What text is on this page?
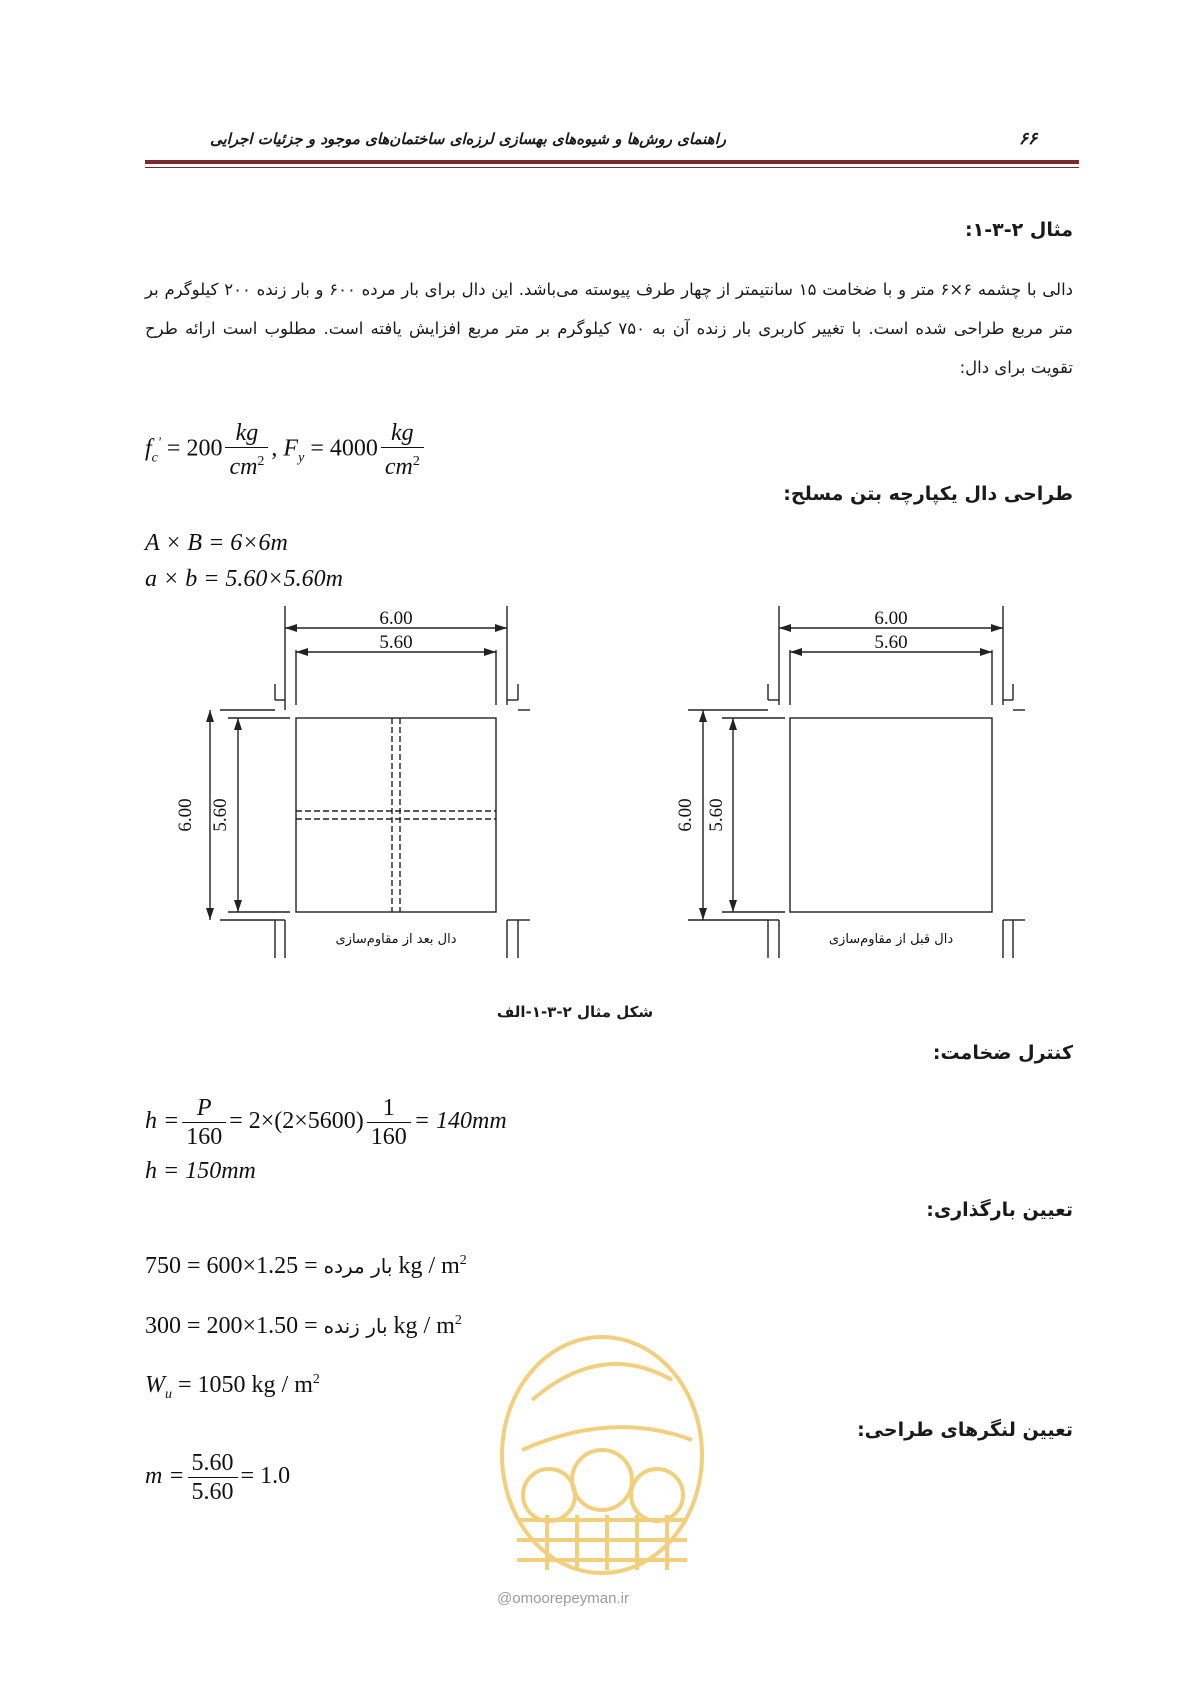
راهنمای روش‌ها و شیوه‌های بهسازی لرزه‌ای ساختمان‌های موجود و جزئیات اجرایی	۶۶
مثال ۲-۳-۱:
دالی با چشمه ۶×۶ متر و با ضخامت ۱۵ سانتیمتر از چهار طرف پیوسته می‌باشد. این دال برای بار مرده ۶۰۰ و بار زنده ۲۰۰ کیلوگرم بر متر مربع طراحی شده است. با تغییر کاربری بار زنده آن به ۷۵۰ کیلوگرم بر متر مربع افزایش یافته است. مطلوب است ارائه طرح تقویت برای دال:
$f_c' = 200 \frac{kg}{cm^2}$ , $F_y = 4000 \frac{kg}{cm^2}$
طراحی دال یکپارچه بتن مسلح:
A × B = 6×6m
a × b = 5.60×5.60m
6.00
5.60
6.00
5.60
6.00 5.60	6.00 5.60
دال بعد از مقاوم‌سازی	دال قبل از مقاوم‌سازی
شکل مثال ۲-۳-۱-الف
کنترل ضخامت:
$h = \frac{P}{160} = 2\times(2\times 5600) \frac{1}{160} = 140mm$
h = 150mm
تعیین بارگذاری:
بار مرده = 1.25×600 = 750 kg / $m^2$
بار زنده = 1.50×200 = 300 kg / $m^2$
$W_u = 1050$ kg / $m^2$
تعیین لنگرهای طراحی:
$m = \frac{5.60}{5.60} = 1.0$
@omoorepeyman.ir
